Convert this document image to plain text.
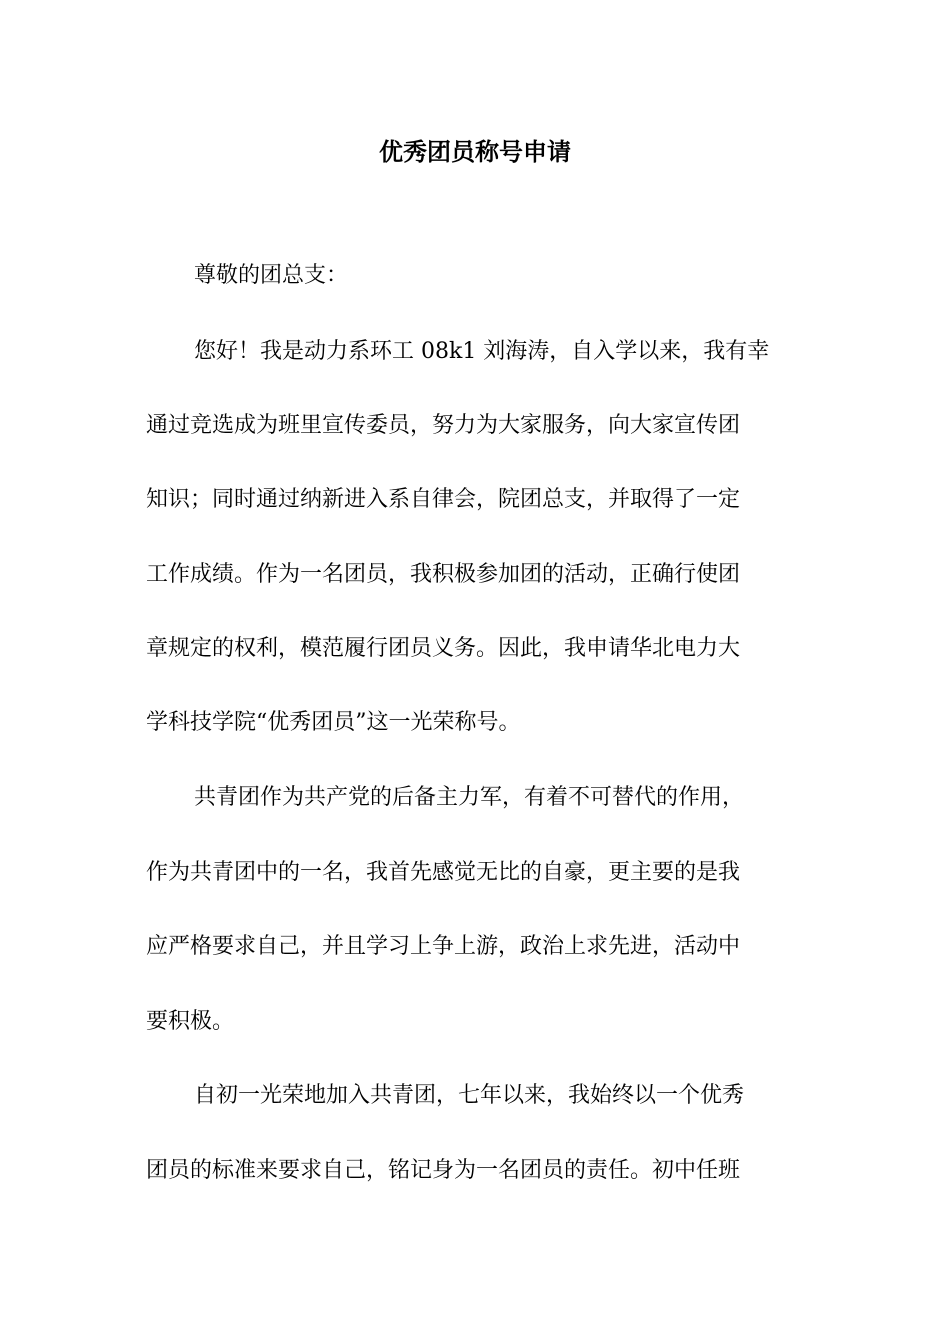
优秀团员称号申请
尊敬的团总支：
您好！我是动力系环工 08k1 刘海涛，自入学以来，我有幸
通过竞选成为班里宣传委员，努力为大家服务，向大家宣传团
知识；同时通过纳新进入系自律会，院团总支，并取得了一定
工作成绩。作为一名团员，我积极参加团的活动，正确行使团
章规定的权利，模范履行团员义务。因此，我申请华北电力大
学科技学院“优秀团员”这一光荣称号。
共青团作为共产党的后备主力军，有着不可替代的作用，
作为共青团中的一名，我首先感觉无比的自豪，更主要的是我
应严格要求自己，并且学习上争上游，政治上求先进，活动中
要积极。
自初一光荣地加入共青团，七年以来，我始终以一个优秀
团员的标准来要求自己，铭记身为一名团员的责任。初中任班
